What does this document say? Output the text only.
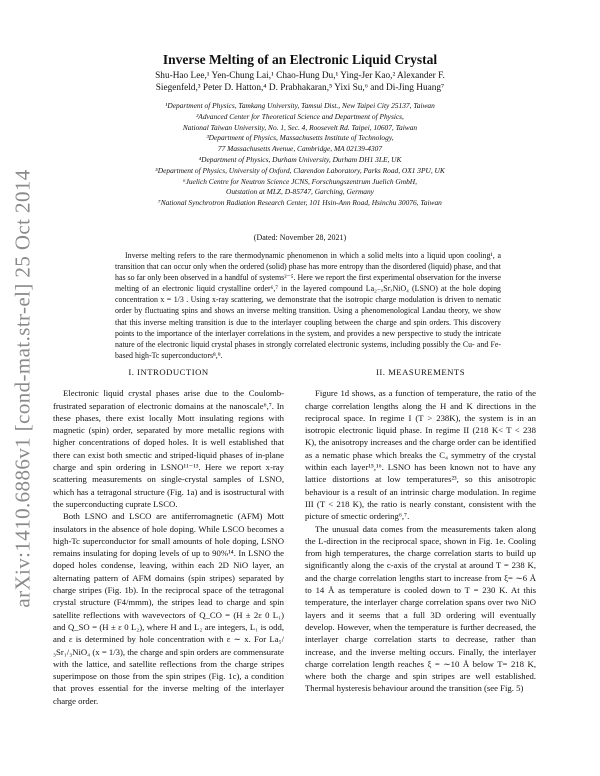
arXiv:1410.6886v1 [cond-mat.str-el] 25 Oct 2014
Inverse Melting of an Electronic Liquid Crystal
Shu-Hao Lee,¹ Yen-Chung Lai,¹ Chao-Hung Du,¹ Ying-Jer Kao,² Alexander F.
Siegenfeld,³ Peter D. Hatton,⁴ D. Prabhakaran,⁵ Yixi Su,⁶ and Di-Jing Huang⁷
¹Department of Physics, Tamkang University, Tamsui Dist., New Taipei City 25137, Taiwan
²Advanced Center for Theoretical Science and Department of Physics,
National Taiwan University, No. 1, Sec. 4, Roosevelt Rd. Taipei, 10607, Taiwan
³Department of Physics, Massachusetts Institute of Technology,
77 Massachusetts Avenue, Cambridge, MA 02139-4307
⁴Department of Physics, Durham University, Durham DH1 3LE, UK
⁵Department of Physics, University of Oxford, Clarendon Laboratory, Parks Road, OX1 3PU, UK
⁶Juelich Centre for Neutron Science JCNS, Forschungszentrum Juelich GmbH,
Outstation at MLZ, D-85747, Garching, Germany
⁷National Synchrotron Radiation Research Center, 101 Hsin-Ann Road, Hsinchu 30076, Taiwan
(Dated: November 28, 2021)
Inverse melting refers to the rare thermodynamic phenomenon in which a solid melts into a liquid upon cooling¹, a transition that can occur only when the ordered (solid) phase has more entropy than the disordered (liquid) phase, and that has so far only been observed in a handful of systems²⁻⁵. Here we report the first experimental observation for the inverse melting of an electronic liquid crystalline order⁶,⁷ in the layered compound La₂₋ₓSrₓNiO₄ (LSNO) at the hole doping concentration x = 1/3 . Using x-ray scattering, we demonstrate that the isotropic charge modulation is driven to nematic order by fluctuating spins and shows an inverse melting transition. Using a phenomenological Landau theory, we show that this inverse melting transition is due to the interlayer coupling between the charge and spin orders. This discovery points to the importance of the interlayer correlations in the system, and provides a new perspective to study the intricate nature of the electronic liquid crystal phases in strongly correlated electronic systems, including possibly the Cu- and Fe-based high-Tc superconductors⁸,⁹.
I. INTRODUCTION

Electronic liquid crystal phases arise due to the Coulomb-frustrated separation of electronic domains at the nanoscale⁶,⁷. In these phases, there exist locally Mott insulating regions with magnetic (spin) order, separated by more metallic regions with higher concentrations of doped holes. It is well established that there can exist both smectic and striped-liquid phases of in-plane charge and spin ordering in LSNO¹¹⁻¹³. Here we report x-ray scattering measurements on single-crystal samples of LSNO, which has a tetragonal structure (Fig. 1a) and is isostructural with the superconducting cuprate LSCO.

Both LSNO and LSCO are antiferromagnetic (AFM) Mott insulators in the absence of hole doping. While LSCO becomes a high-Tc superconductor for small amounts of hole doping, LSNO remains insulating for doping levels of up to 90%¹⁴. In LSNO the doped holes condense, leaving, within each 2D NiO layer, an alternating pattern of AFM domains (spin stripes) separated by charge stripes (Fig. 1b). In the reciprocal space of the tetragonal crystal structure (F4/mmm), the stripes lead to charge and spin satellite reflections with wavevectors of Q_CO = (H ± 2ε 0 L₁) and Q_SO = (H ± ε 0 L₂), where H and L₂ are integers, L₁ is odd, and ε is determined by hole concentration with ε ∼ x. For La₅/₃Sr₁/₃NiO₄ (x = 1/3), the charge and spin orders are commensurate with the lattice, and satellite reflections from the charge stripes superimpose on those from the spin stripes (Fig. 1c), a condition that proves essential for the inverse melting of the interlayer charge order.

II. MEASUREMENTS

Figure 1d shows, as a function of temperature, the ratio of the charge correlation lengths along the H and K directions in the reciprocal space. In regime I (T > 238K), the system is in an isotropic electronic liquid phase. In regime II (218 K< T < 238 K), the anisotropy increases and the charge order can be identified as a nematic phase which breaks the C₄ symmetry of the crystal within each layer¹⁵,¹⁶. LSNO has been known not to have any lattice distortions at low temperatures²³, so this anisotropic behaviour is a result of an intrinsic charge modulation. In regime III (T < 218 K), the ratio is nearly constant, consistent with the picture of smectic ordering⁶,⁷.

The unusual data comes from the measurements taken along the L-direction in the reciprocal space, shown in Fig. 1e. Cooling from high temperatures, the charge correlation starts to build up significantly along the c-axis of the crystal at around T = 238 K, and the charge correlation lengths start to increase from ξ= ∼6 Å to 14 Å as temperature is cooled down to T = 230 K. At this temperature, the interlayer charge correlation spans over two NiO layers and it seems that a full 3D ordering will eventually develop. However, when the temperature is further decreased, the interlayer charge correlation starts to decrease, rather than increase, and the inverse melting occurs. Finally, the interlayer charge correlation length reaches ξ = ∼10 Å below T= 218 K, where both the charge and spin stripes are well established. Thermal hysteresis behaviour around the transition (see Fig. 5)
